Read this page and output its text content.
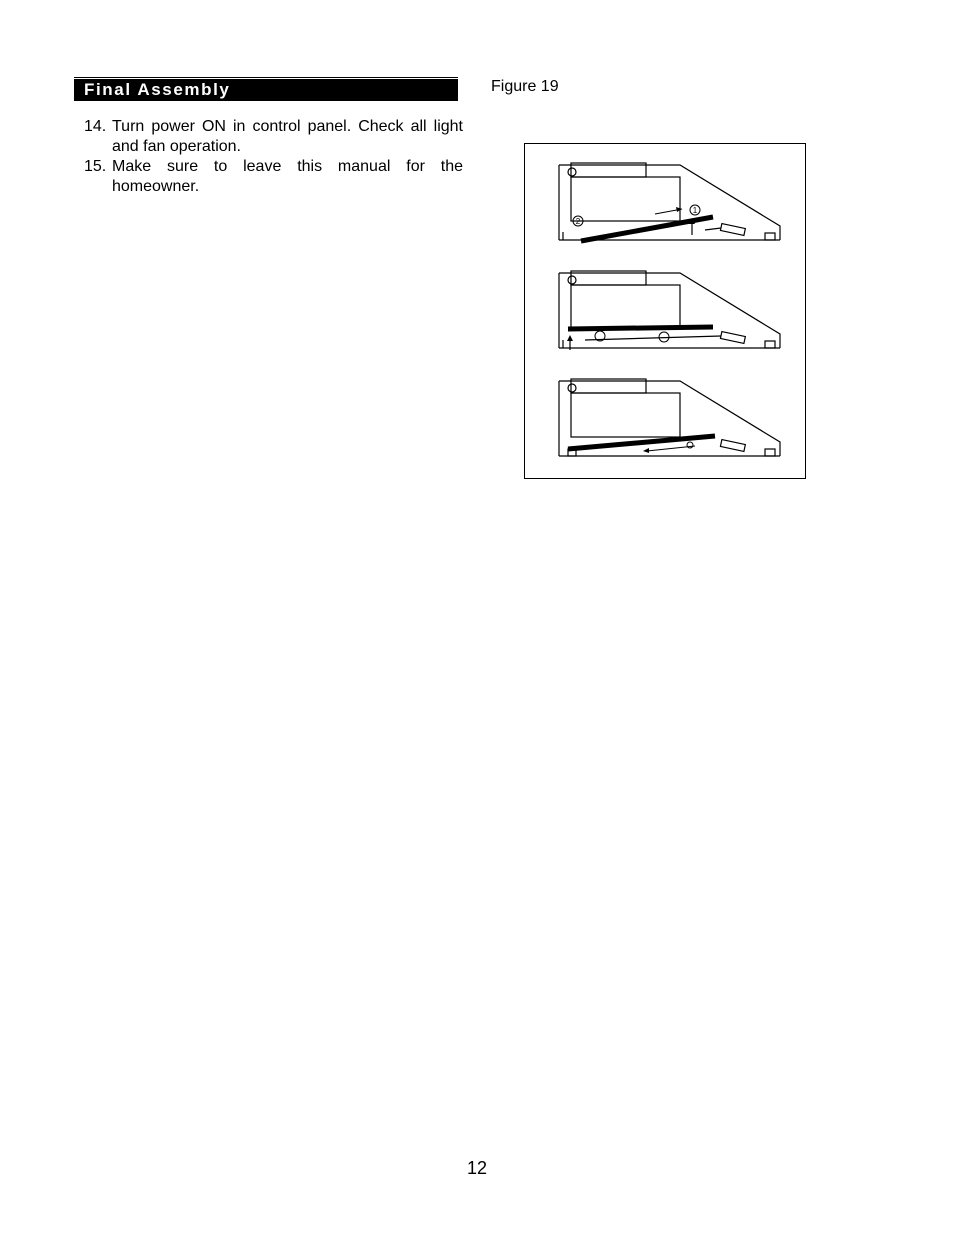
Final Assembly
14. Turn power ON in control panel. Check all light and fan operation.
15. Make sure to leave this manual for the homeowner.
Figure 19
1
2
12
